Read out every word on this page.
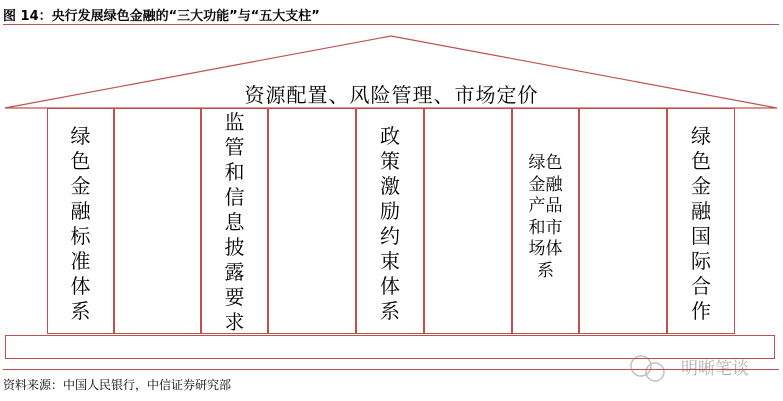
图 14：央行发展绿色金融的“三大功能”与“五大支柱”
资源配置、风险管理、市场定价
绿
色
金
融
标
准
体
系
监
管
和
信
息
披
露
要
求
政
策
激
励
约
束
体
系
绿色
金融
产品
和市
场体
系
绿
色
金
融
国
际
合
作
资料来源：中国人民银行，中信证券研究部
明晰笔谈
